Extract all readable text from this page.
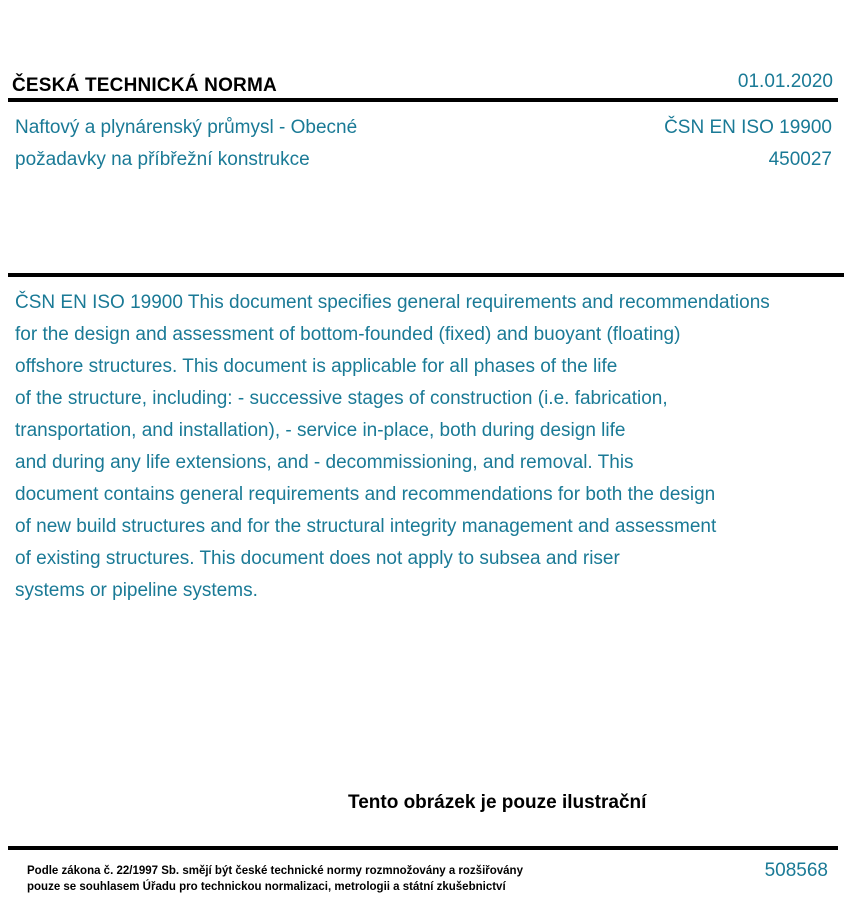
ČESKÁ TECHNICKÁ NORMA	01.01.2020
Naftový a plynárenský průmysl - Obecné
požadavky na příbřežní konstrukce
ČSN EN ISO 19900
450027
ČSN EN ISO 19900 This document specifies general requirements and recommendations
for the design and assessment of bottom-founded (fixed) and buoyant (floating)
offshore structures. This document is applicable for all phases of the life
of the structure, including: - successive stages of construction (i.e. fabrication,
transportation, and installation), - service in-place, both during design life
and during any life extensions, and - decommissioning, and removal. This
document contains general requirements and recommendations for both the design
of new build structures and for the structural integrity management and assessment
of existing structures. This document does not apply to subsea and riser
systems or pipeline systems.
Tento obrázek je pouze ilustrační
Podle zákona č. 22/1997 Sb. smějí být české technické normy rozmnožovány a rozšiřovány
pouze se souhlasem Úřadu pro technickou normalizaci, metrologii a státní zkušebnictví
508568
